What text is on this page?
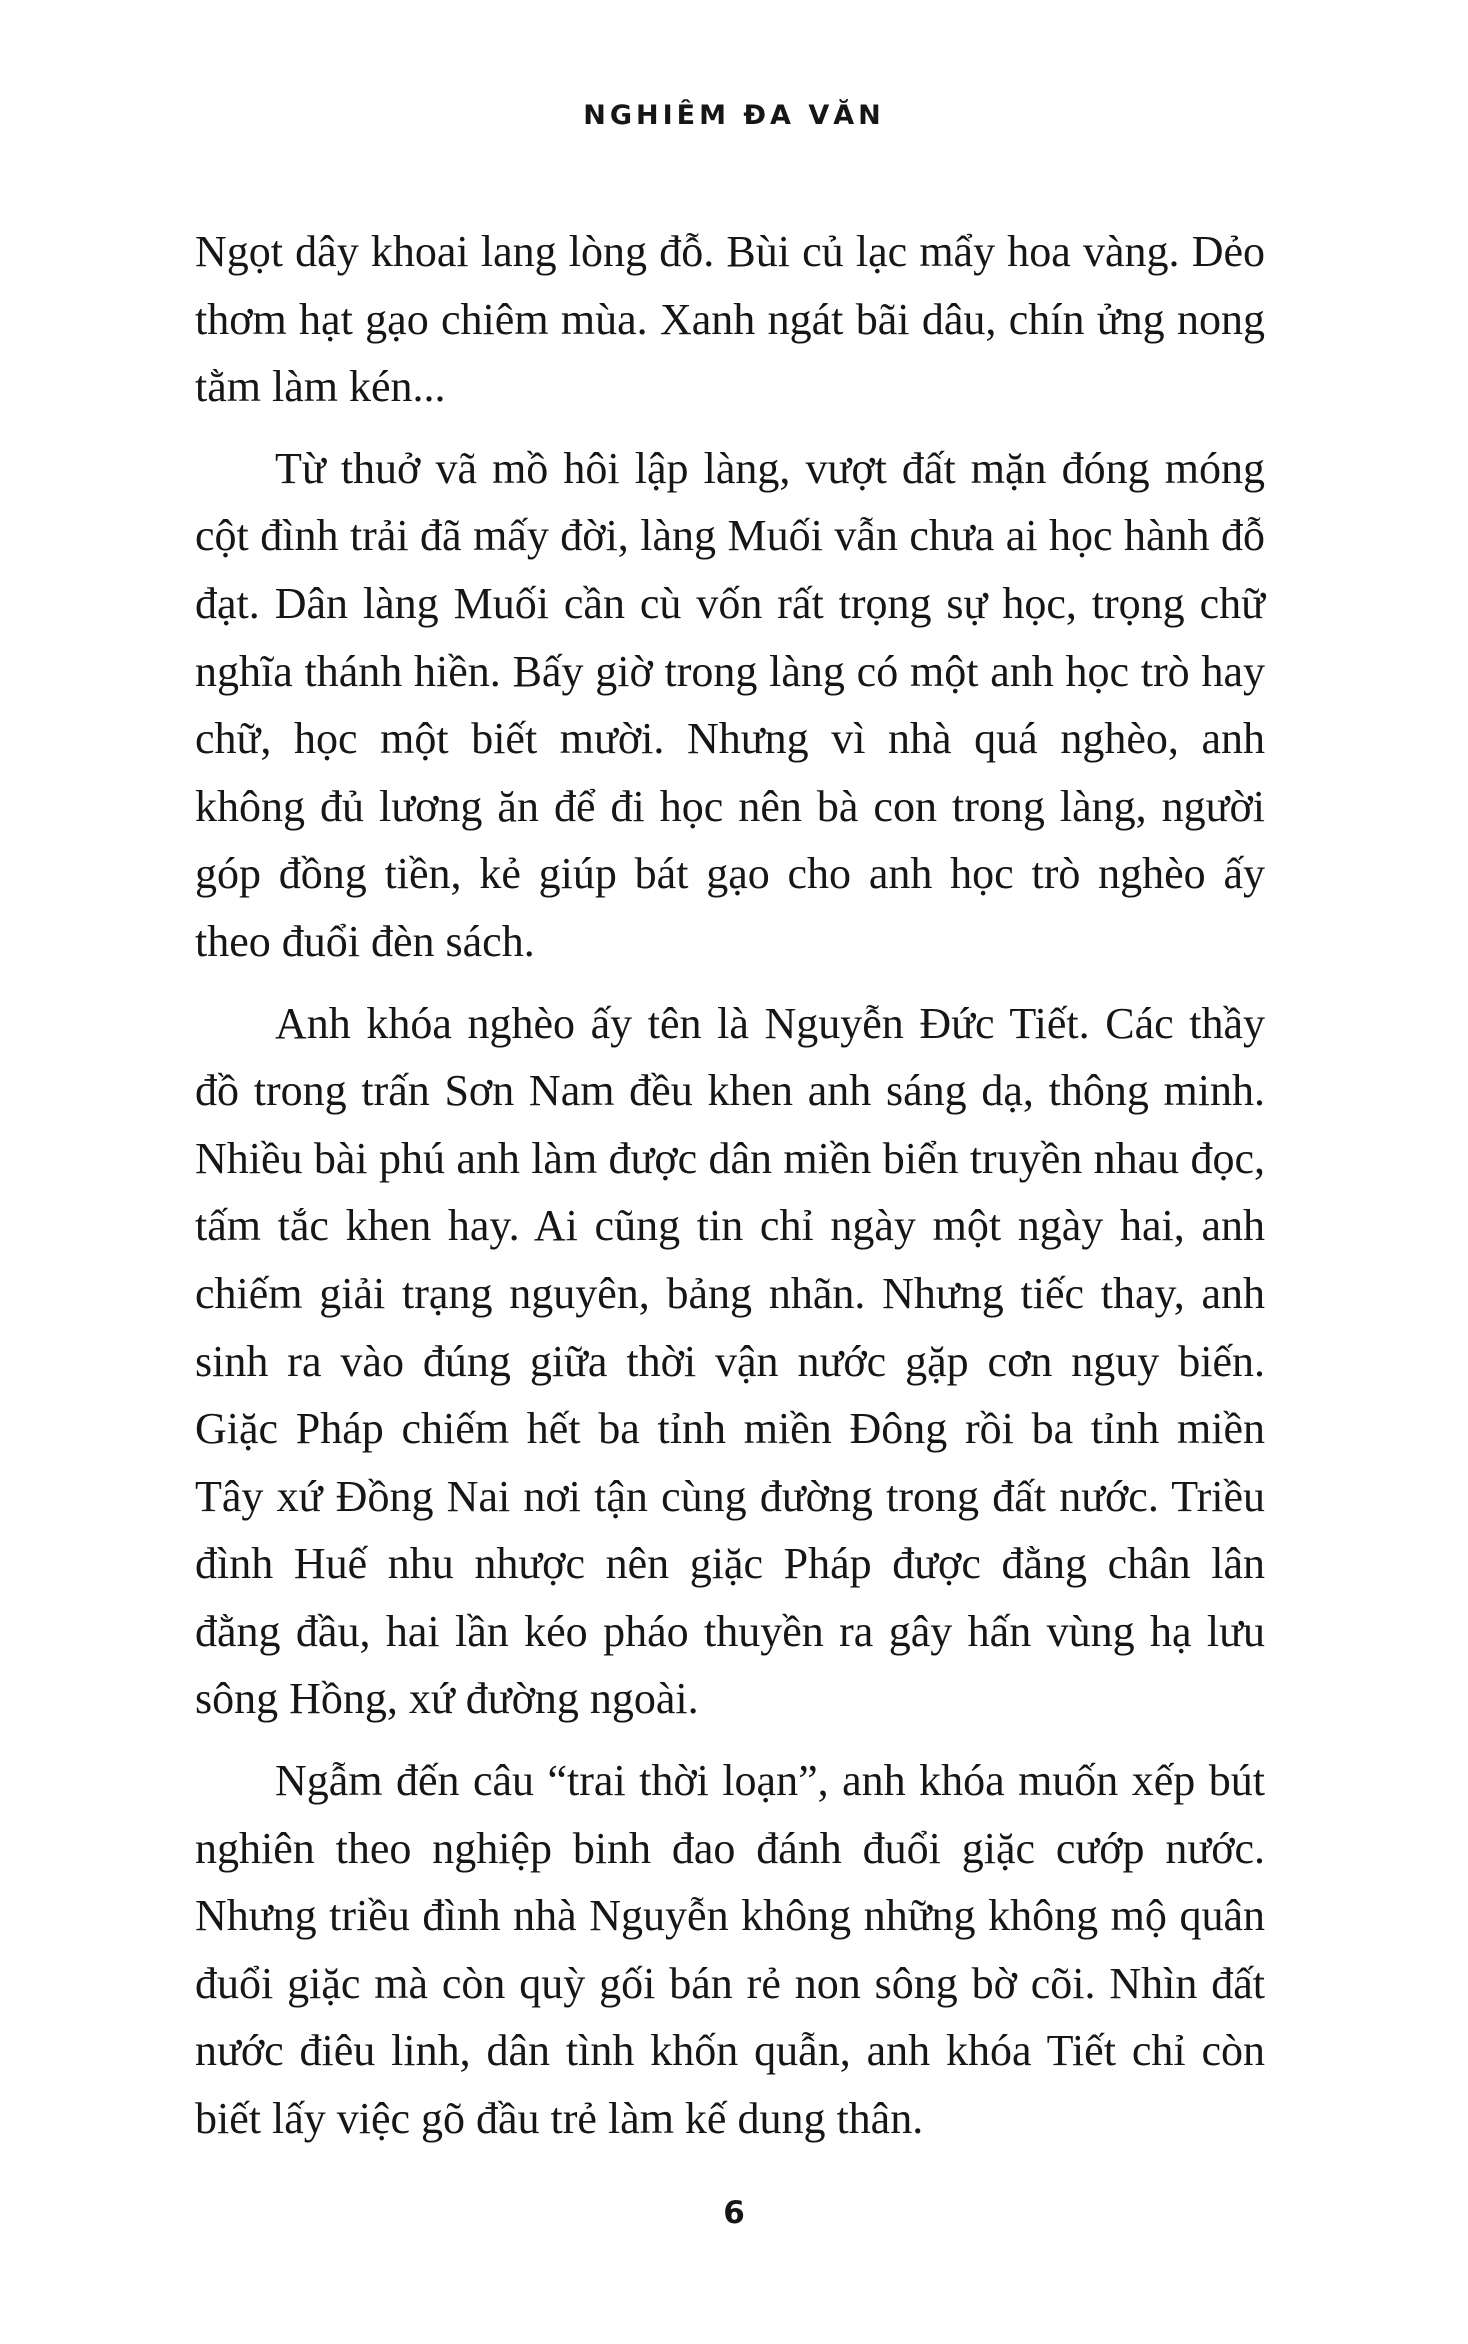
NGHIÊM ĐA VĂN

Ngọt dây khoai lang lòng đỗ. Bùi củ lạc mẩy hoa vàng. Dẻo thơm hạt gạo chiêm mùa. Xanh ngát bãi dâu, chín ửng nong tằm làm kén...

Từ thuở vã mồ hôi lập làng, vượt đất mặn đóng móng cột đình trải đã mấy đời, làng Muối vẫn chưa ai học hành đỗ đạt. Dân làng Muối cần cù vốn rất trọng sự học, trọng chữ nghĩa thánh hiền. Bấy giờ trong làng có một anh học trò hay chữ, học một biết mười. Nhưng vì nhà quá nghèo, anh không đủ lương ăn để đi học nên bà con trong làng, người góp đồng tiền, kẻ giúp bát gạo cho anh học trò nghèo ấy theo đuổi đèn sách.

Anh khóa nghèo ấy tên là Nguyễn Đức Tiết. Các thầy đồ trong trấn Sơn Nam đều khen anh sáng dạ, thông minh. Nhiều bài phú anh làm được dân miền biển truyền nhau đọc, tấm tắc khen hay. Ai cũng tin chỉ ngày một ngày hai, anh chiếm giải trạng nguyên, bảng nhãn. Nhưng tiếc thay, anh sinh ra vào đúng giữa thời vận nước gặp cơn nguy biến. Giặc Pháp chiếm hết ba tỉnh miền Đông rồi ba tỉnh miền Tây xứ Đồng Nai nơi tận cùng đường trong đất nước. Triều đình Huế nhu nhược nên giặc Pháp được đằng chân lân đằng đầu, hai lần kéo pháo thuyền ra gây hấn vùng hạ lưu sông Hồng, xứ đường ngoài.

Ngẫm đến câu “trai thời loạn”, anh khóa muốn xếp bút nghiên theo nghiệp binh đao đánh đuổi giặc cướp nước. Nhưng triều đình nhà Nguyễn không những không mộ quân đuổi giặc mà còn quỳ gối bán rẻ non sông bờ cõi. Nhìn đất nước điêu linh, dân tình khốn quẫn, anh khóa Tiết chỉ còn biết lấy việc gõ đầu trẻ làm kế dung thân.

6
